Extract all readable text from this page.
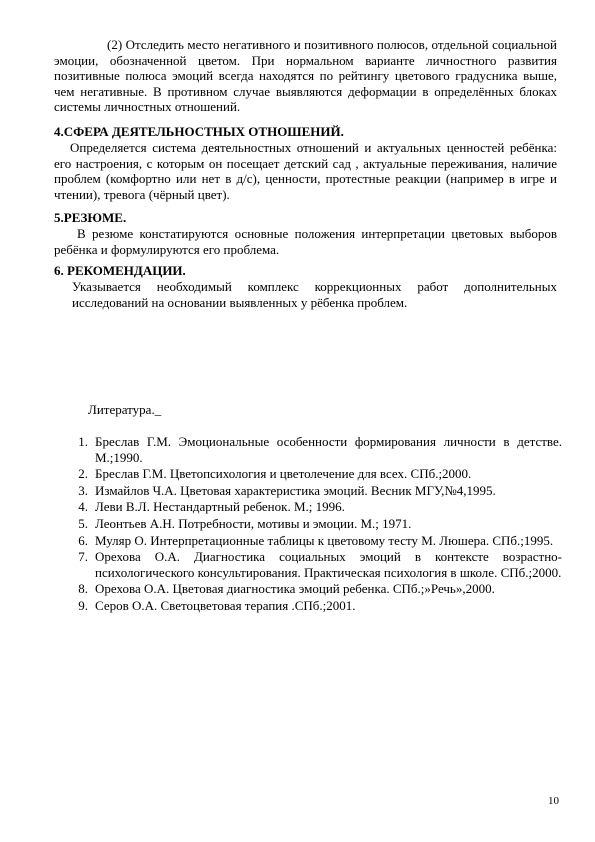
(2) Отследить место негативного и позитивного полюсов, отдельной социальной эмоции, обозначенной цветом. При нормальном варианте личностного развития позитивные полюса эмоций всегда находятся по рейтингу цветового градусника выше, чем негативные. В противном случае выявляются деформации в определённых блоках системы личностных отношений.
4.СФЕРА ДЕЯТЕЛЬНОСТНЫХ ОТНОШЕНИЙ.
Определяется система деятельностных отношений и актуальных ценностей ребёнка: его настроения, с которым он посещает детский сад , актуальные переживания, наличие проблем (комфортно или нет в д/с), ценности, протестные реакции (например в игре и чтении), тревога (чёрный цвет).
5.РЕЗЮМЕ.
В резюме констатируются основные положения интерпретации цветовых выборов ребёнка и формулируются его проблема.
6. РЕКОМЕНДАЦИИ.
Указывается необходимый комплекс коррекционных работ дополнительных исследований на основании выявленных у рёбенка проблем.
Литература._
1. Бреслав Г.М. Эмоциональные особенности формирования личности в детстве. М.;1990.
2. Бреслав Г.М. Цветопсихология и цветолечение для всех. СПб.;2000.
3. Измайлов Ч.А. Цветовая характеристика эмоций. Весник МГУ,№4,1995.
4. Леви В.Л. Нестандартный ребенок. М.; 1996.
5. Леонтьев А.Н. Потребности, мотивы и эмоции. М.; 1971.
6. Муляр О. Интерпретационные таблицы к цветовому тесту М. Люшера. СПб.;1995.
7. Орехова О.А. Диагностика социальных эмоций в контексте возрастно-психологического консультирования. Практическая психология в школе. СПб.;2000.
8. Орехова О.А. Цветовая диагностика эмоций ребенка. СПб.;»Речь»,2000.
9. Серов О.А. Светоцветовая терапия .СПб.;2001.
10
